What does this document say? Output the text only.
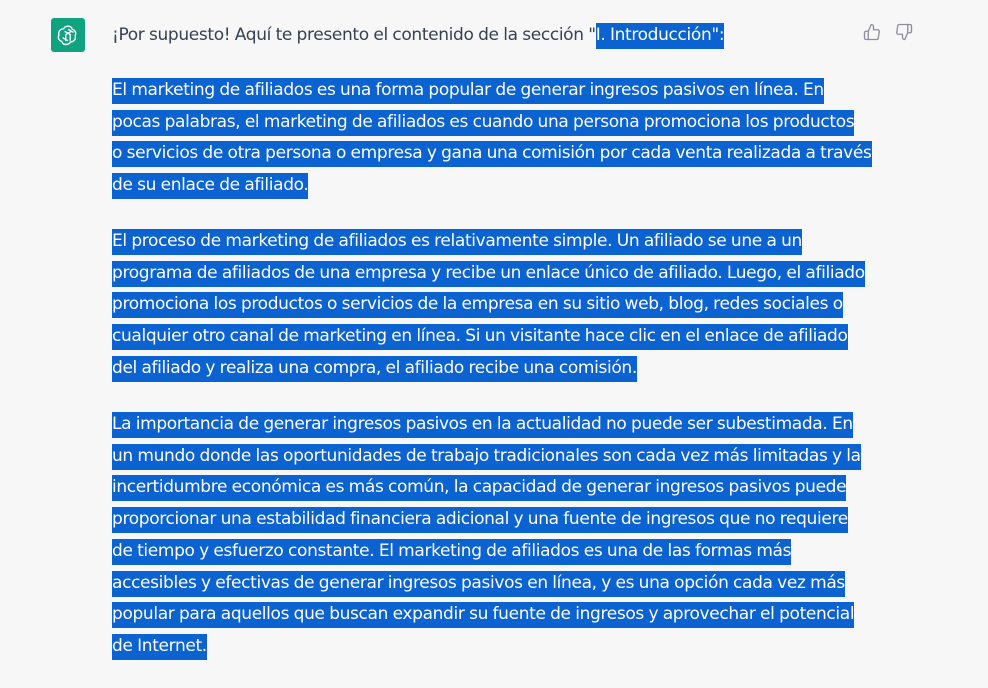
¡Por supuesto! Aquí te presento el contenido de la sección "I. Introducción":

El marketing de afiliados es una forma popular de generar ingresos pasivos en línea. En
pocas palabras, el marketing de afiliados es cuando una persona promociona los productos
o servicios de otra persona o empresa y gana una comisión por cada venta realizada a través
de su enlace de afiliado.
El proceso de marketing de afiliados es relativamente simple. Un afiliado se une a un
programa de afiliados de una empresa y recibe un enlace único de afiliado. Luego, el afiliado
promociona los productos o servicios de la empresa en su sitio web, blog, redes sociales o
cualquier otro canal de marketing en línea. Si un visitante hace clic en el enlace de afiliado
del afiliado y realiza una compra, el afiliado recibe una comisión.
La importancia de generar ingresos pasivos en la actualidad no puede ser subestimada. En
un mundo donde las oportunidades de trabajo tradicionales son cada vez más limitadas y la
incertidumbre económica es más común, la capacidad de generar ingresos pasivos puede
proporcionar una estabilidad financiera adicional y una fuente de ingresos que no requiere
de tiempo y esfuerzo constante. El marketing de afiliados es una de las formas más
accesibles y efectivas de generar ingresos pasivos en línea, y es una opción cada vez más
popular para aquellos que buscan expandir su fuente de ingresos y aprovechar el potencial
de Internet.
